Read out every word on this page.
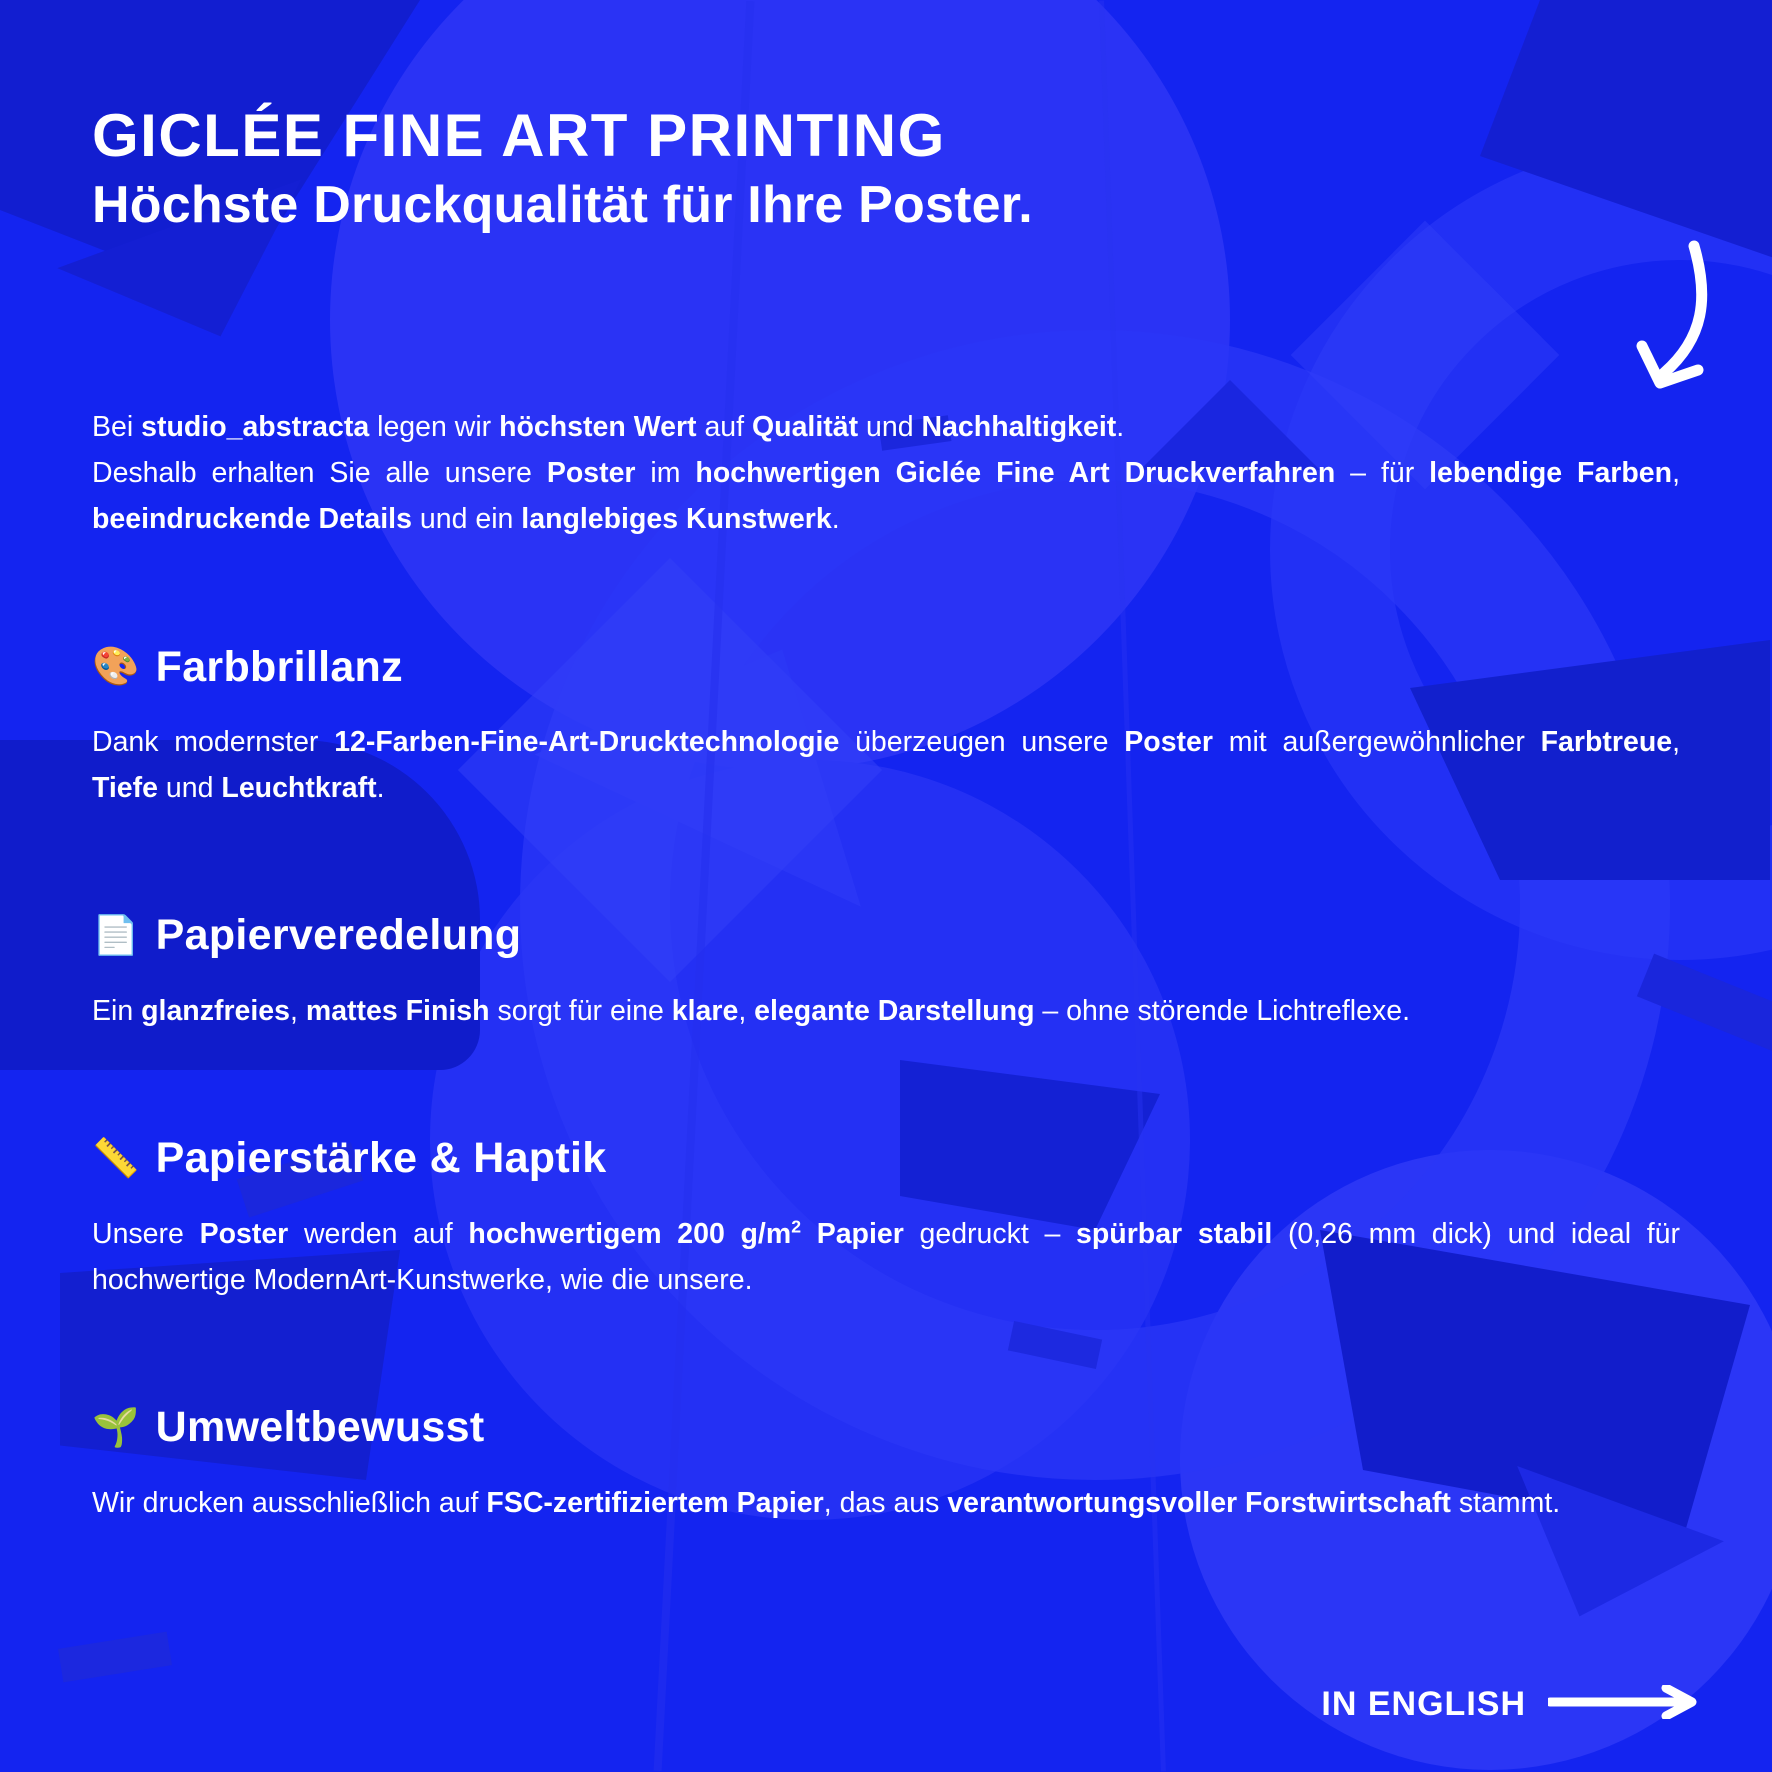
GICLÉE FINE ART PRINTING
Höchste Druckqualität für Ihre Poster.

Bei studio_abstracta legen wir höchsten Wert auf Qualität und Nachhaltigkeit.
Deshalb erhalten Sie alle unsere Poster im hochwertigen Giclée Fine Art Druckverfahren – für lebendige Farben, beeindruckende Details und ein langlebiges Kunstwerk.

🎨 Farbbrillanz

Dank modernster 12-Farben-Fine-Art-Drucktechnologie überzeugen unsere Poster mit außergewöhnlicher Farbtreue, Tiefe und Leuchtkraft.

📄 Papierveredelung

Ein glanzfreies, mattes Finish sorgt für eine klare, elegante Darstellung – ohne störende Lichtreflexe.

📏 Papierstärke & Haptik

Unsere Poster werden auf hochwertigem 200 $g/m^2$ Papier gedruckt – spürbar stabil (0,26 mm dick) und ideal für hochwertige ModernArt-Kunstwerke, wie die unsere.

🌱 Umweltbewusst

Wir drucken ausschließlich auf FSC-zertifiziertem Papier, das aus verantwortungsvoller Forstwirtschaft stammt.

IN ENGLISH
